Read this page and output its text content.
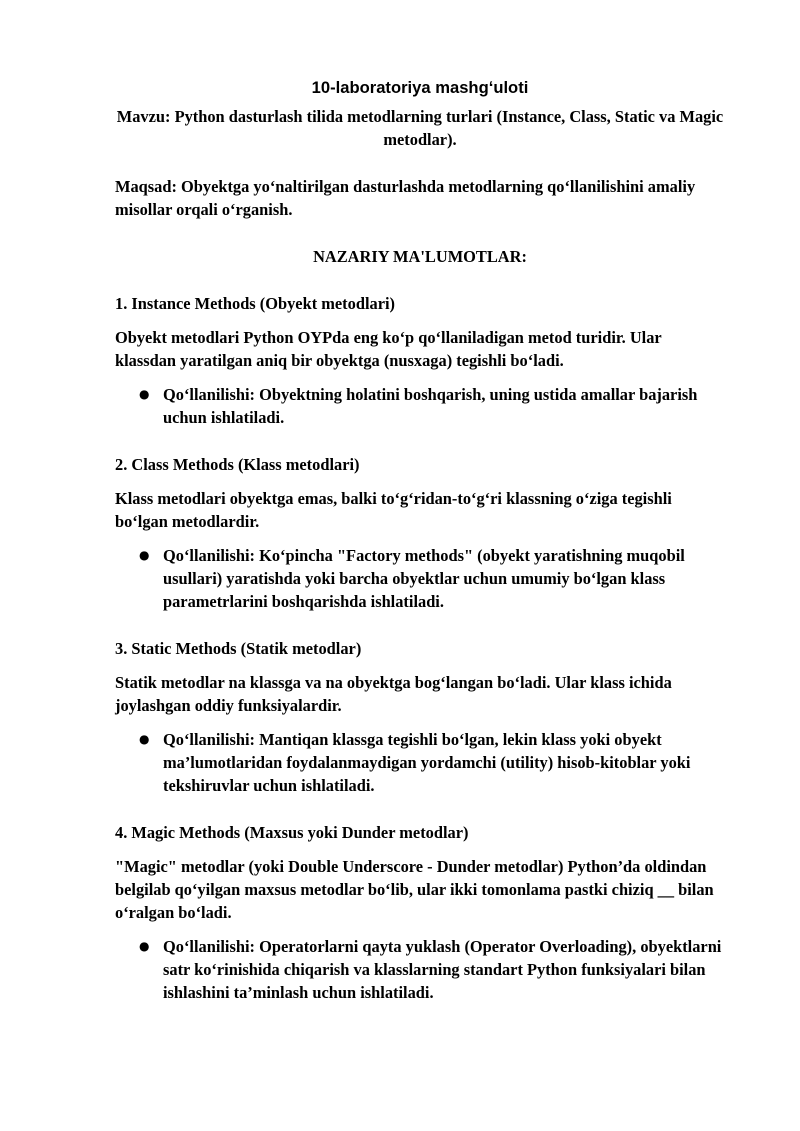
10-laboratoriya mashgʻuloti

Mavzu: Python dasturlash tilida metodlarning turlari (Instance, Class, Static va Magic metodlar).

Maqsad: Obyektga yo‘naltirilgan dasturlashda metodlarning qo‘llanilishini amaliy misollar orqali o‘rganish.

NAZARIY MA'LUMOTLAR:

1. Instance Methods (Obyekt metodlari)

Obyekt metodlari Python OYPda eng ko‘p qo‘llaniladigan metod turidir. Ular klassdan yaratilgan aniq bir obyektga (nusxaga) tegishli bo‘ladi.

● Qo‘llanilishi: Obyektning holatini boshqarish, uning ustida amallar bajarish uchun ishlatiladi.

2. Class Methods (Klass metodlari)

Klass metodlari obyektga emas, balki to‘g‘ridan-to‘g‘ri klassning o‘ziga tegishli bo‘lgan metodlardir.

● Qo‘llanilishi: Ko‘pincha "Factory methods" (obyekt yaratishning muqobil usullari) yaratishda yoki barcha obyektlar uchun umumiy bo‘lgan klass parametrlarini boshqarishda ishlatiladi.

3. Static Methods (Statik metodlar)

Statik metodlar na klassga va na obyektga bog‘langan bo‘ladi. Ular klass ichida joylashgan oddiy funksiyalardir.

● Qo‘llanilishi: Mantiqan klassga tegishli bo‘lgan, lekin klass yoki obyekt ma’lumotlaridan foydalanmaydigan yordamchi (utility) hisob-kitoblar yoki tekshiruvlar uchun ishlatiladi.

4. Magic Methods (Maxsus yoki Dunder metodlar)

"Magic" metodlar (yoki Double Underscore - Dunder metodlar) Python’da oldindan belgilab qo‘yilgan maxsus metodlar bo‘lib, ular ikki tomonlama pastki chiziq __ bilan o‘ralgan bo‘ladi.

● Qo‘llanilishi: Operatorlarni qayta yuklash (Operator Overloading), obyektlarni satr ko‘rinishida chiqarish va klasslarning standart Python funksiyalari bilan ishlashini ta’minlash uchun ishlatiladi.
